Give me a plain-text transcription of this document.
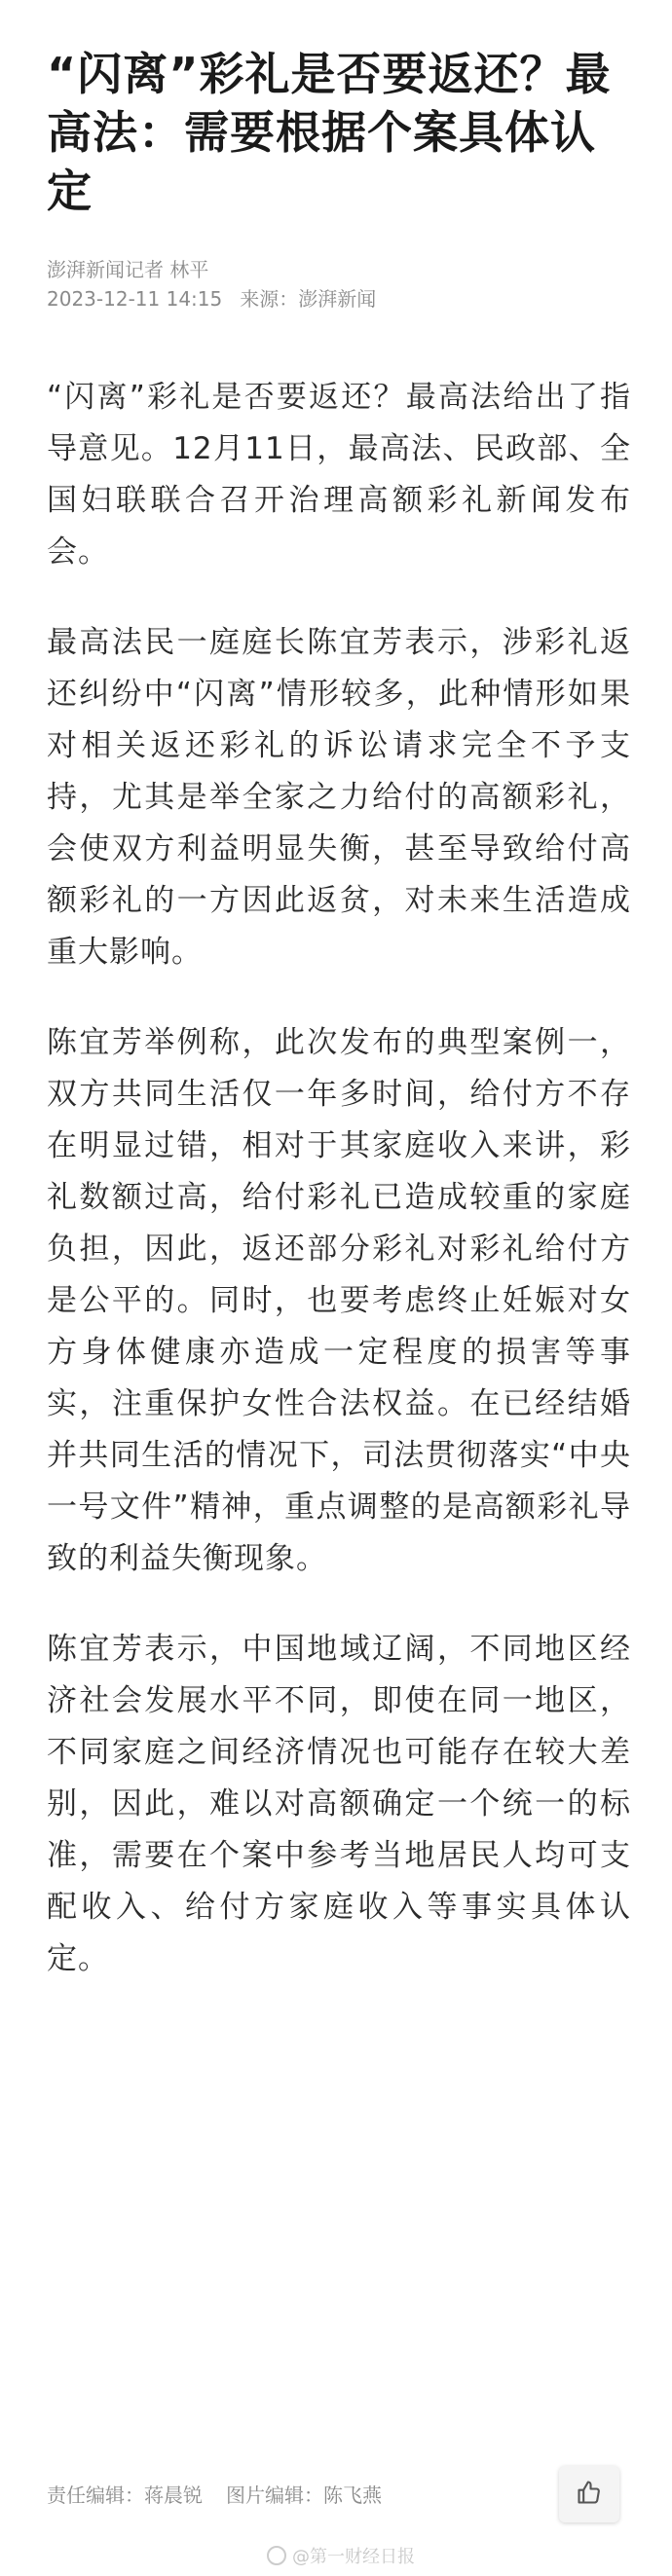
“闪离”彩礼是否要返还？最高法：需要根据个案具体认定
澎湃新闻记者 林平
2023-12-11 14:15 来源：澎湃新闻

“闪离”彩礼是否要返还？最高法给出了指导意见。12月11日，最高法、民政部、全国妇联联合召开治理高额彩礼新闻发布会。

最高法民一庭庭长陈宜芳表示，涉彩礼返还纠纷中“闪离”情形较多，此种情形如果对相关返还彩礼的诉讼请求完全不予支持，尤其是举全家之力给付的高额彩礼，会使双方利益明显失衡，甚至导致给付高额彩礼的一方因此返贫，对未来生活造成重大影响。

陈宜芳举例称，此次发布的典型案例一，双方共同生活仅一年多时间，给付方不存在明显过错，相对于其家庭收入来讲，彩礼数额过高，给付彩礼已造成较重的家庭负担，因此，返还部分彩礼对彩礼给付方是公平的。同时，也要考虑终止妊娠对女方身体健康亦造成一定程度的损害等事实，注重保护女性合法权益。在已经结婚并共同生活的情况下，司法贯彻落实“中央一号文件”精神，重点调整的是高额彩礼导致的利益失衡现象。

陈宜芳表示，中国地域辽阔，不同地区经济社会发展水平不同，即使在同一地区，不同家庭之间经济情况也可能存在较大差别，因此，难以对高额确定一个统一的标准，需要在个案中参考当地居民人均可支配收入、给付方家庭收入等事实具体认定。

责任编辑：蒋晨锐 图片编辑：陈飞燕
@第一财经日报
